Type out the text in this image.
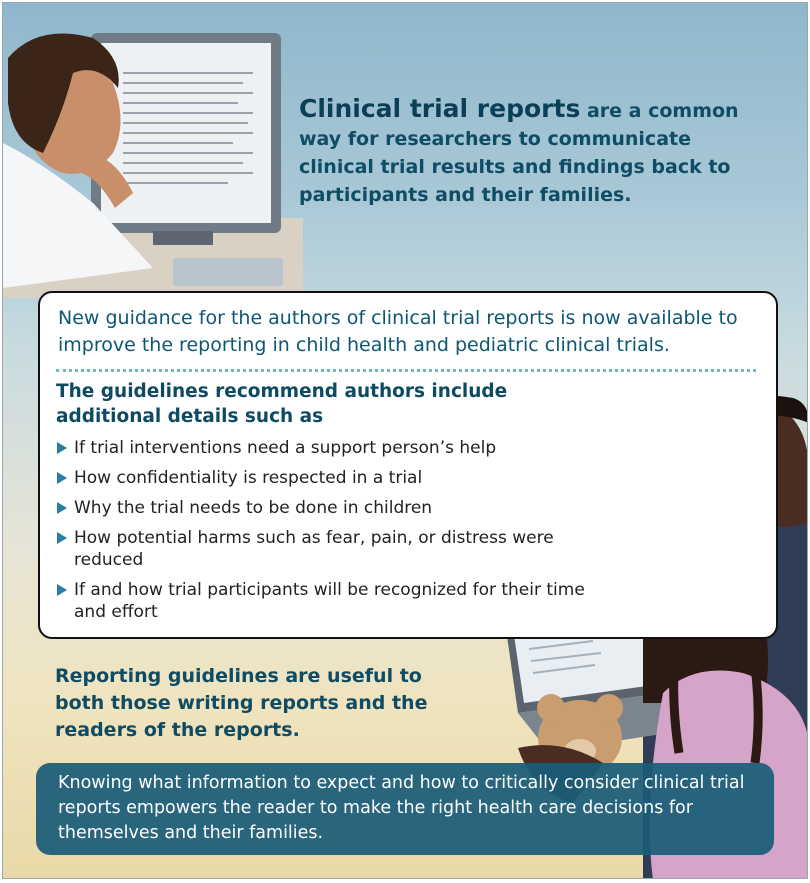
Clinical trial reports are a common way for researchers to communicate clinical trial results and findings back to participants and their families.
New guidance for the authors of clinical trial reports is now available to improve the reporting in child health and pediatric clinical trials.
The guidelines recommend authors include additional details such as
If trial interventions need a support person’s help
How confidentiality is respected in a trial
Why the trial needs to be done in children
How potential harms such as fear, pain, or distress were reduced
If and how trial participants will be recognized for their time and effort
Reporting guidelines are useful to both those writing reports and the readers of the reports.
Knowing what information to expect and how to critically consider clinical trial reports empowers the reader to make the right health care decisions for themselves and their families.
